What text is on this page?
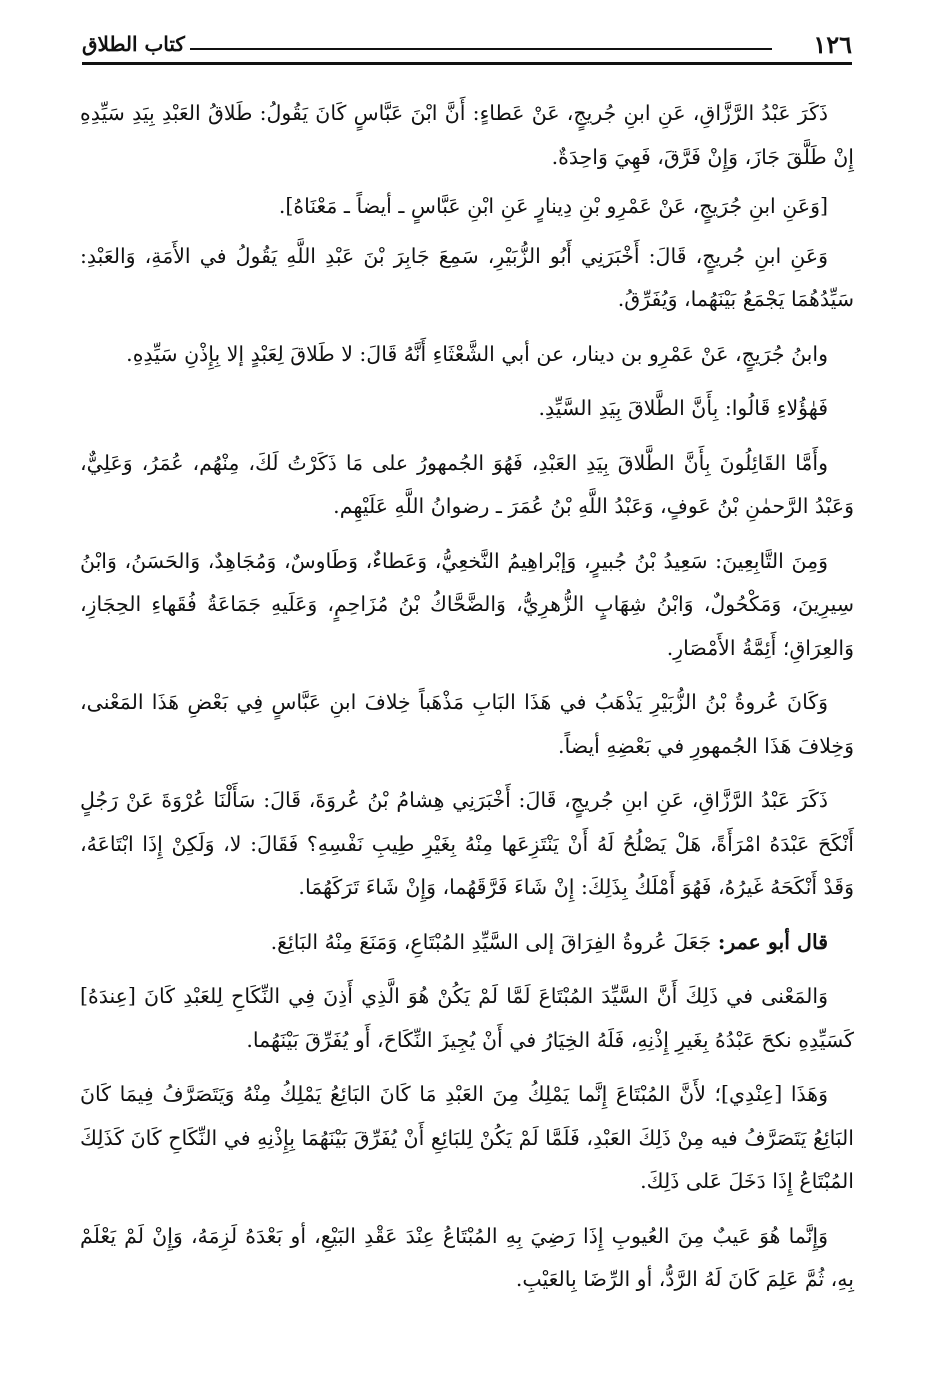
١٢٦
كتاب الطلاق

ذَكَرَ عَبْدُ الرَّزَّاقِ، عَنِ ابنِ جُريجٍ، عَنْ عَطاءٍ: أَنَّ ابْنَ عَبَّاسٍ كَانَ يَقُولُ: طَلاقُ العَبْدِ بِيَدِ سَيِّدِهِ إِنْ طَلَّقَ جَازَ، وَإِنْ فَرَّقَ، فَهِيَ وَاحِدَةٌ.

[وَعَنِ ابنِ جُرَيجٍ، عَنْ عَمْرِو بْنِ دِينارٍ عَنِ ابْنِ عَبَّاسٍ ـ أيضاً ـ مَعْنَاهُ].

وَعَنِ ابنِ جُريجٍ، قَالَ: أَخْبَرَنِي أَبُو الزُّبَيْرِ، سَمِعَ جَابِرَ بْنَ عَبْدِ اللَّهِ يَقُولُ في الأَمَةِ، وَالعَبْدِ: سَيِّدُهُمَا يَجْمَعُ بَيْنَهُما، وَيُفَرِّقُ.

وابنُ جُرَيجٍ، عَنْ عَمْرِو بن دينار، عن أبي الشَّعْثَاءِ أَنَّهُ قَالَ: لا طَلاقَ لِعَبْدٍ إلا بِإِذْنِ سَيِّدِهِ.

فَهٰؤُلاءِ قَالُوا: بِأَنَّ الطَّلاقَ بِيَدِ السَّيِّدِ.

وأَمَّا القَائِلُونَ بِأَنَّ الطَّلاقَ بِيَدِ العَبْدِ، فَهُوَ الجُمهورُ على مَا ذَكَرْتُ لَكَ، مِنْهُم، عُمَرُ، وَعَلِيٌّ، وَعَبْدُ الرَّحمٰنِ بْنُ عَوفٍ، وَعَبْدُ اللَّهِ بْنُ عُمَرَ ـ رضوانُ اللَّهِ عَلَيْهِم.

وَمِنَ التَّابِعِينَ: سَعِيدُ بْنُ جُبيرٍ، وَإبْراهِيمُ النَّخعِيُّ، وَعَطاءٌ، وَطَاوسٌ، وَمُجَاهِدٌ، وَالحَسَنُ، وَابْنُ سِيرِينَ، وَمَكْحُولٌ، وَابْنُ شِهَابٍ الزُّهرِيُّ، وَالضَّحَّاكُ بْنُ مُزَاحِمٍ، وَعَلَيهِ جَمَاعَةُ فُقَهاءِ الحِجَازِ، وَالعِرَاقِ؛ أَئِمَّةُ الأَمْصَارِ.

وَكَانَ عُروةُ بْنُ الزُّبَيْرِ يَذْهَبُ في هَذَا البَابِ مَذْهَباً خِلافَ ابنِ عَبَّاسٍ فِي بَعْضِ هَذَا المَعْنى، وَخِلافَ هَذَا الجُمهورِ في بَعْضِهِ أيضاً.

ذَكَرَ عَبْدُ الرَّزَّاقِ، عَنِ ابنِ جُريجٍ، قَالَ: أَخْبَرَنِي هِشامُ بْنُ عُروَةَ، قَالَ: سَأَلْنَا عُرْوَةَ عَنْ رَجُلٍ أَنْكَحَ عَبْدَهُ امْرَأَةً، هَلْ يَصْلُحُ لَهُ أَنْ يَنْتَزِعَها مِنْهُ بِغَيْرِ طِيبِ نَفْسِهِ؟ فَقَالَ: لا، وَلَكِنْ إِذَا ابْتَاعَهُ، وَقَدْ أَنْكَحَهُ غَيرُهُ، فَهُوَ أَمْلَكُ بِذَلِكَ: إِنْ شَاءَ فَرَّقَهُما، وَإِنْ شَاءَ تَرَكَهُمَا.

قال أبو عمر: جَعَلَ عُروةُ الفِرَاقَ إلى السَّيِّدِ المُبْتَاعِ، وَمَنَعَ مِنْهُ البَائِعَ.

وَالمَعْنى في ذَلِكَ أَنَّ السَّيِّدَ المُبْتَاعَ لَمَّا لَمْ يَكُنْ هُوَ الَّذِي أَذِنَ فِي النِّكَاحِ لِلعَبْدِ كَانَ [عِندَهُ] كَسَيِّدِهِ نكحَ عَبْدُهُ بِغَيرِ إِذْنِهِ، فَلَهُ الخِيَارُ في أَنْ يُجِيزَ النِّكَاحَ، أَو يُفَرِّقَ بَيْنَهُما.

وَهَذَا [عِنْدِي]؛ لأَنَّ المُبْتَاعَ إِنَّما يَمْلِكُ مِنَ العَبْدِ مَا كَانَ البَائِعُ يَمْلِكُ مِنْهُ وَيَتَصَرَّفُ فِيمَا كَانَ البَائِعُ يَتَصَرَّفُ فيه مِنْ ذَلِكَ العَبْدِ، فَلَمَّا لَمْ يَكُنْ لِلبَائِعِ أَنْ يُفَرِّقَ بَيْنَهُمَا بِإِذْنِهِ في النِّكَاحِ كَانَ كَذَلِكَ المُبْتَاعُ إِذَا دَخَلَ عَلى ذَلِكَ.

وَإِنَّما هُوَ عَيبٌ مِنَ العُيوبِ إِذَا رَضِيَ بِهِ المُبْتَاعُ عِنْدَ عَقْدِ البَيْعِ، أو بَعْدَهُ لَزِمَهُ، وَإِنْ لَمْ يَعْلَمْ بِهِ، ثُمَّ عَلِمَ كَانَ لَهُ الرَّدُّ، أو الرِّضَا بِالعَيْبِ.
